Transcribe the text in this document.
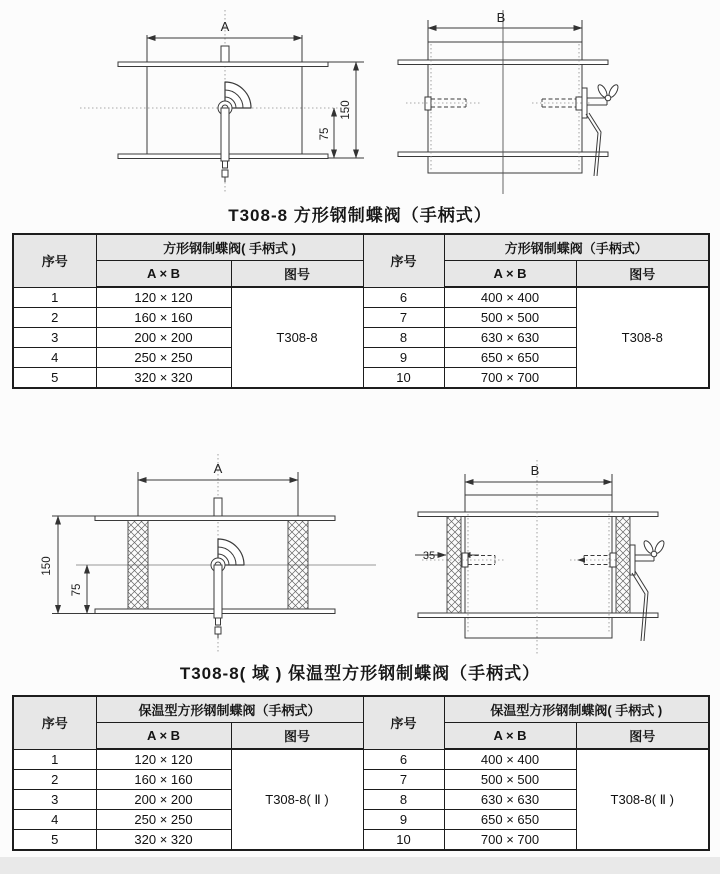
A
150
75
B
T308-8 方形钢制蝶阀（手柄式）
序号	方形钢制蝶阀( 手柄式 )		序号	方形钢制蝶阀（手柄式）	
	A × B	图号		A × B	图号
1	120 × 120	T308-8	6	400 × 400	T308-8
2	160 × 160		7	500 × 500	
3	200 × 200		8	630 × 630	
4	250 × 250		9	650 × 650	
5	320 × 320		10	700 × 700	
A
150
75
B
35
T308-8( 域 ) 保温型方形钢制蝶阀（手柄式）
序号	保温型方形钢制蝶阀（手柄式）		序号	保温型方形钢制蝶阀( 手柄式 )	
	A × B	图号		A × B	图号
1	120 × 120	T308-8( Ⅱ )	6	400 × 400	T308-8( Ⅱ )
2	160 × 160		7	500 × 500	
3	200 × 200		8	630 × 630	
4	250 × 250		9	650 × 650	
5	320 × 320		10	700 × 700	
